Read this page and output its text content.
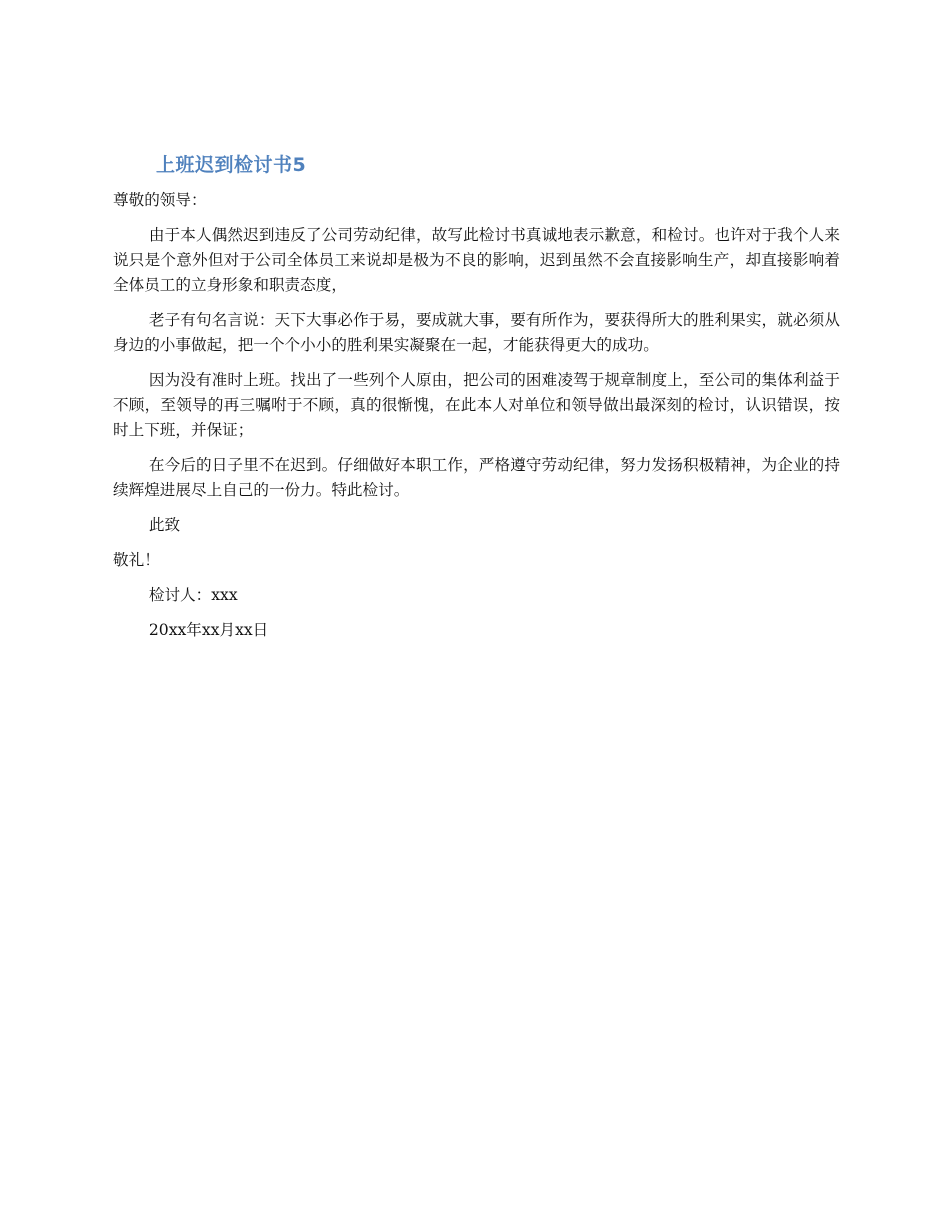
上班迟到检讨书5

尊敬的领导：

由于本人偶然迟到违反了公司劳动纪律，故写此检讨书真诚地表示歉意，和检讨。也许对于我个人来说只是个意外但对于公司全体员工来说却是极为不良的影响，迟到虽然不会直接影响生产，却直接影响着全体员工的立身形象和职责态度，

老子有句名言说：天下大事必作于易，要成就大事，要有所作为，要获得所大的胜利果实，就必须从身边的小事做起，把一个个小小的胜利果实凝聚在一起，才能获得更大的成功。

因为没有准时上班。找出了一些列个人原由，把公司的困难凌驾于规章制度上，至公司的集体利益于不顾，至领导的再三嘱咐于不顾，真的很惭愧，在此本人对单位和领导做出最深刻的检讨，认识错误，按时上下班，并保证；

在今后的日子里不在迟到。仔细做好本职工作，严格遵守劳动纪律，努力发扬积极精神，为企业的持续辉煌进展尽上自己的一份力。特此检讨。

此致

敬礼！

检讨人：xxx

20xx年xx月xx日
